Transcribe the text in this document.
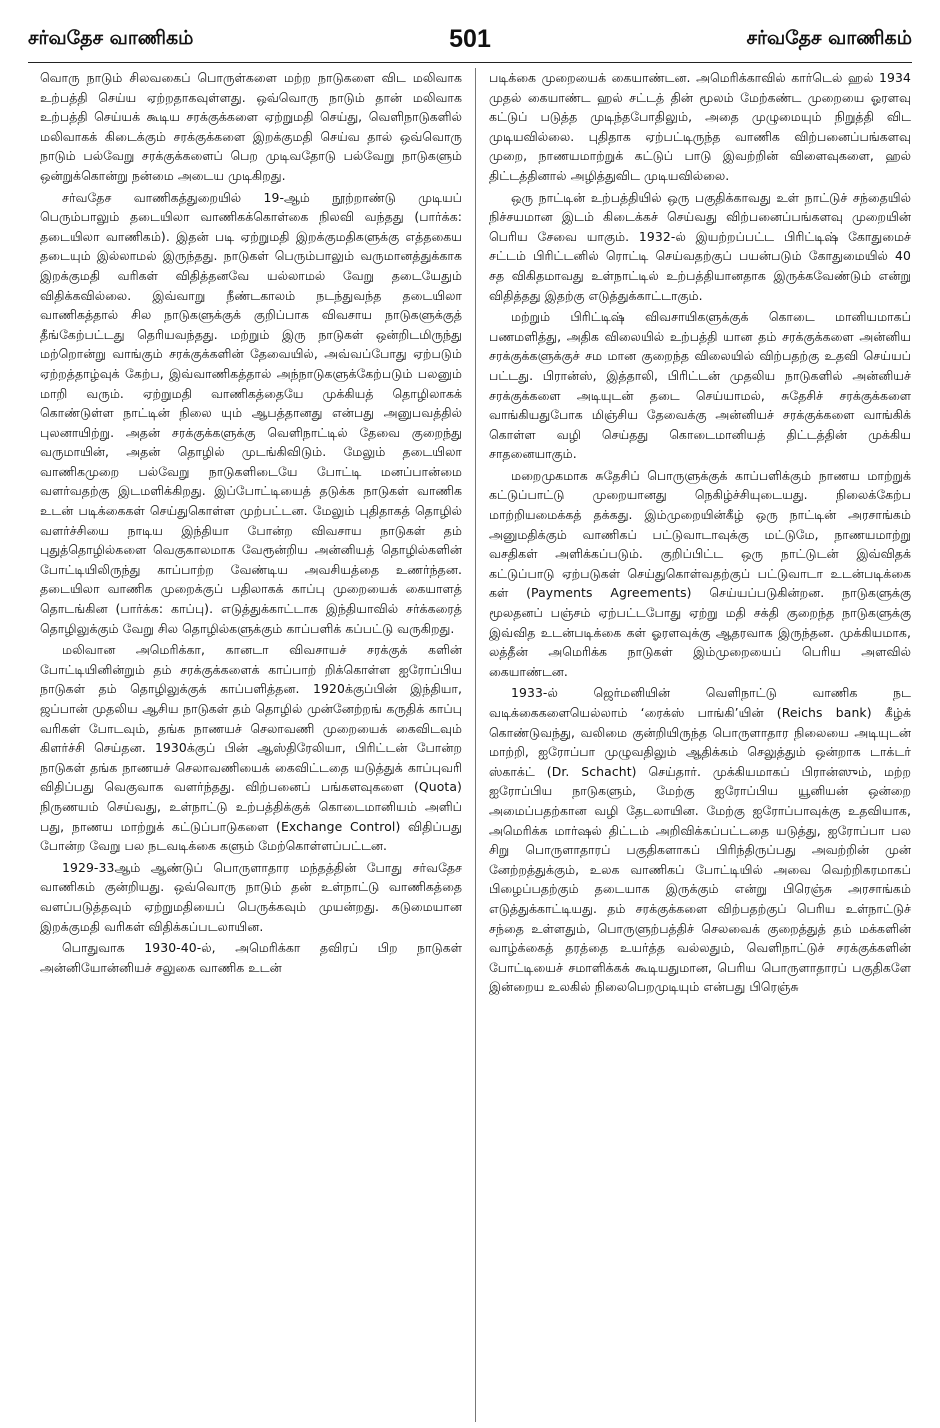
சர்வதேச வாணிகம்	501	சர்வதேச வாணிகம்

வொரு நாடும் சிலவகைப் பொருள்களை மற்ற நாடுகளை விட மலிவாக உற்பத்தி செய்ய ஏற்றதாகவுள்ளது. ஒவ்வொரு நாடும் தான் மலிவாக உற்பத்தி செய்யக் கூடிய சரக்குக்களை ஏற்றுமதி செய்து, வெளிநாடுகளில் மலிவாகக் கிடைக்கும் சரக்குக்களை இறக்குமதி செய்வ தால் ஒவ்வொரு நாடும் பல்வேறு சரக்குக்களைப் பெற முடிவதோடு பல்வேறு நாடுகளும் ஒன்றுக்கொன்று நன்மை அடைய முடிகிறது.

சர்வதேச வாணிகத்துறையில் 19-ஆம் நூற்றாண்டு முடியப் பெரும்பாலும் தடையிலா வாணிகக்கொள்கை நிலவி வந்தது (பார்க்க: தடையிலா வாணிகம்). இதன் படி ஏற்றுமதி இறக்குமதிகளுக்கு எத்தகைய தடையும் இல்லாமல் இருந்தது. நாடுகள் பெரும்பாலும் வருமானத்துக்காக இறக்குமதி வரிகள் விதித்தனவே யல்லாமல் வேறு தடையேதும் விதிக்கவில்லை. இவ்வாறு நீண்டகாலம் நடந்துவந்த தடையிலா வாணிகத்தால் சில நாடுகளுக்குக் குறிப்பாக விவசாய நாடுகளுக்குத் தீங்கேற்பட்டது தெரியவந்தது. மற்றும் இரு நாடுகள் ஒன்றிடமிருந்து மற்றொன்று வாங்கும் சரக்குக்களின் தேவையில், அவ்வப்போது ஏற்படும் ஏற்றத்தாழ்வுக் கேற்ப, இவ்வாணிகத்தால் அந்நாடுகளுக்கேற்படும் பலனும் மாறி வரும். ஏற்றுமதி வாணிகத்தையே முக்கியத் தொழிலாகக் கொண்டுள்ள நாட்டின் நிலை யும் ஆபத்தானது என்பது அனுபவத்தில் புலனாயிற்று. அதன் சரக்குக்களுக்கு வெளிநாட்டில் தேவை குறைந்து வருமாயின், அதன் தொழில் முடங்கிவிடும். மேலும் தடையிலா வாணிகமுறை பல்வேறு நாடுகளிடையே போட்டி மனப்பான்மை வளர்வதற்கு இடமளிக்கிறது. இப்போட்டியைத் தடுக்க நாடுகள் வாணிக உடன் படிக்கைகள் செய்துகொள்ள முற்பட்டன. மேலும் புதிதாகத் தொழில் வளர்ச்சியை நாடிய இந்தியா போன்ற விவசாய நாடுகள் தம் புதுத்தொழில்களை வெகுகாலமாக வேரூன்றிய அன்னியத் தொழில்களின் போட்டியிலிருந்து காப்பாற்ற வேண்டிய அவசியத்தை உணர்ந்தன. தடையிலா வாணிக முறைக்குப் பதிலாகக் காப்பு முறையைக் கையாளத் தொடங்கின (பார்க்க: காப்பு). எடுத்துக்காட்டாக இந்தியாவில் சர்க்கரைத் தொழிலுக்கும் வேறு சில தொழில்களுக்கும் காப்பளிக் கப்பட்டு வருகிறது.

மலிவான அமெரிக்கா, கானடா விவசாயச் சரக்குக் களின் போட்டியினின்றும் தம் சரக்குக்களைக் காப்பாற் றிக்கொள்ள ஐரோப்பிய நாடுகள் தம் தொழிலுக்குக் காப்பளித்தன. 1920க்குப்பின் இந்தியா, ஜப்பான் முதலிய ஆசிய நாடுகள் தம் தொழில் முன்னேற்றங் கருதிக் காப்பு வரிகள் போடவும், தங்க நாணயச் செலாவணி முறையைக் கைவிடவும் கிளர்ச்சி செய்தன. 1930க்குப் பின் ஆஸ்திரேலியா, பிரிட்டன் போன்ற நாடுகள் தங்க நாணயச் செலாவணியைக் கைவிட்டதை யடுத்துக் காப்புவரி விதிப்பது வெகுவாக வளர்ந்தது. விற்பனைப் பங்களவுகளை (Quota) நிருணயம் செய்வது, உள்நாட்டு உற்பத்திக்குக் கொடைமானியம் அளிப் பது, நாணய மாற்றுக் கட்டுப்பாடுகளை (Exchange Control) விதிப்பது போன்ற வேறு பல நடவடிக்கை களும் மேற்கொள்ளப்பட்டன.

1929-33ஆம் ஆண்டுப் பொருளாதார மந்தத்தின் போது சர்வதேச வாணிகம் குன்றியது. ஒவ்வொரு நாடும் தன் உள்நாட்டு வாணிகத்தை வளப்படுத்தவும் ஏற்றுமதியைப் பெருக்கவும் முயன்றது. கடுமையான இறக்குமதி வரிகள் விதிக்கப்படலாயின.

பொதுவாக 1930-40-ல், அமெரிக்கா தவிரப் பிற நாடுகள் அன்னியோன்னியச் சலுகை வாணிக உடன்

படிக்கை முறையைக் கையாண்டன. அமெரிக்காவில் கார்டெல் ஹல் 1934 முதல் கையாண்ட ஹல் சட்டத் தின் மூலம் மேற்கண்ட முறையை ஓரளவு கட்டுப் படுத்த முடிந்தபோதிலும், அதை முழுமையும் நிறுத்தி விட முடியவில்லை. புதிதாக ஏற்பட்டிருந்த வாணிக விற்பனைப்பங்களவு முறை, நாணயமாற்றுக் கட்டுப் பாடு இவற்றின் விளைவுகளை, ஹல் திட்டத்தினால் அழித்துவிட முடியவில்லை.

ஒரு நாட்டின் உற்பத்தியில் ஒரு பகுதிக்காவது உள் நாட்டுச் சந்தையில் நிச்சயமான இடம் கிடைக்கச் செய்வது விற்பனைப்பங்களவு முறையின் பெரிய சேவை யாகும். 1932-ல் இயற்றப்பட்ட பிரிட்டிஷ் கோதுமைச் சட்டம் பிரிட்டனில் ரொட்டி செய்வதற்குப் பயன்படும் கோதுமையில் 40 சத விகிதமாவது உள்நாட்டில் உற்பத்தியானதாக இருக்கவேண்டும் என்று விதித்தது இதற்கு எடுத்துக்காட்டாகும்.

மற்றும் பிரிட்டிஷ் விவசாயிகளுக்குக் கொடை மானியமாகப் பணமளித்து, அதிக விலையில் உற்பத்தி யான தம் சரக்குக்களை அன்னிய சரக்குக்களுக்குச் சம மான குறைந்த விலையில் விற்பதற்கு உதவி செய்யப் பட்டது. பிரான்ஸ், இத்தாலி, பிரிட்டன் முதலிய நாடுகளில் அன்னியச் சரக்குக்களை அடியுடன் தடை செய்யாமல், சுதேசிச் சரக்குக்களை வாங்கியதுபோக மிஞ்சிய தேவைக்கு அன்னியச் சரக்குக்களை வாங்கிக் கொள்ள வழி செய்தது கொடைமானியத் திட்டத்தின் முக்கிய சாதனையாகும்.

மறைமுகமாக சுதேசிப் பொருளுக்குக் காப்பளிக்கும் நாணய மாற்றுக் கட்டுப்பாட்டு முறையானது நெகிழ்ச்சியுடையது. நிலைக்கேற்ப மாற்றியமைக்கத் தக்கது. இம்முறையின்கீழ் ஒரு நாட்டின் அரசாங்கம் அனுமதிக்கும் வாணிகப் பட்டுவாடாவுக்கு மட்டுமே, நாணயமாற்று வசதிகள் அளிக்கப்படும். குறிப்பிட்ட ஒரு நாட்டுடன் இவ்விதக் கட்டுப்பாடு ஏற்படுகள் செய்துகொள்வதற்குப் பட்டுவாடா உடன்படிக்கை கள் (Payments Agreements) செய்யப்படுகின்றன. நாடுகளுக்கு மூலதனப் பஞ்சம் ஏற்பட்டபோது ஏற்று மதி சக்தி குறைந்த நாடுகளுக்கு இவ்வித உடன்படிக்கை கள் ஓரளவுக்கு ஆதரவாக இருந்தன. முக்கியமாக, லத்தீன் அமெரிக்க நாடுகள் இம்முறையைப் பெரிய அளவில் கையாண்டன.

1933-ல் ஜெர்மனியின் வெளிநாட்டு வாணிக நட வடிக்கைகளையெல்லாம் ‘ரைக்ஸ் பாங்கி’யின் (Reichs bank) கீழ்க் கொண்டுவந்து, வலிமை குன்றியிருந்த பொருளாதார நிலையை அடியுடன் மாற்றி, ஐரோப்பா முழுவதிலும் ஆதிக்கம் செலுத்தும் ஒன்றாக டாக்டர் ஸ்காக்ட் (Dr. Schacht) செய்தார். முக்கியமாகப் பிரான்ஸும், மற்ற ஐரோப்பிய நாடுகளும், மேற்கு ஐரோப்பிய யூனியன் ஒன்றை அமைப்பதற்கான வழி தேடலாயின. மேற்கு ஐரோப்பாவுக்கு உதவியாக, அமெரிக்க மார்ஷல் திட்டம் அறிவிக்கப்பட்டதை யடுத்து, ஐரோப்பா பல சிறு பொருளாதாரப் பகுதிகளாகப் பிரிந்திருப்பது அவற்றின் முன் னேற்றத்துக்கும், உலக வாணிகப் போட்டியில் அவை வெற்றிகரமாகப் பிழைப்பதற்கும் தடையாக இருக்கும் என்று பிரெஞ்சு அரசாங்கம் எடுத்துக்காட்டியது. தம் சரக்குக்களை விற்பதற்குப் பெரிய உள்நாட்டுச் சந்தை உள்ளதும், பொருளுற்பத்திச் செலவைக் குறைத்துத் தம் மக்களின் வாழ்க்கைத் தரத்தை உயர்த்த வல்லதும், வெளிநாட்டுச் சரக்குக்களின் போட்டியைச் சமாளிக்கக் கூடியதுமான, பெரிய பொருளாதாரப் பகுதிகளே இன்றைய உலகில் நிலைபெறமுடியும் என்பது பிரெஞ்சு
